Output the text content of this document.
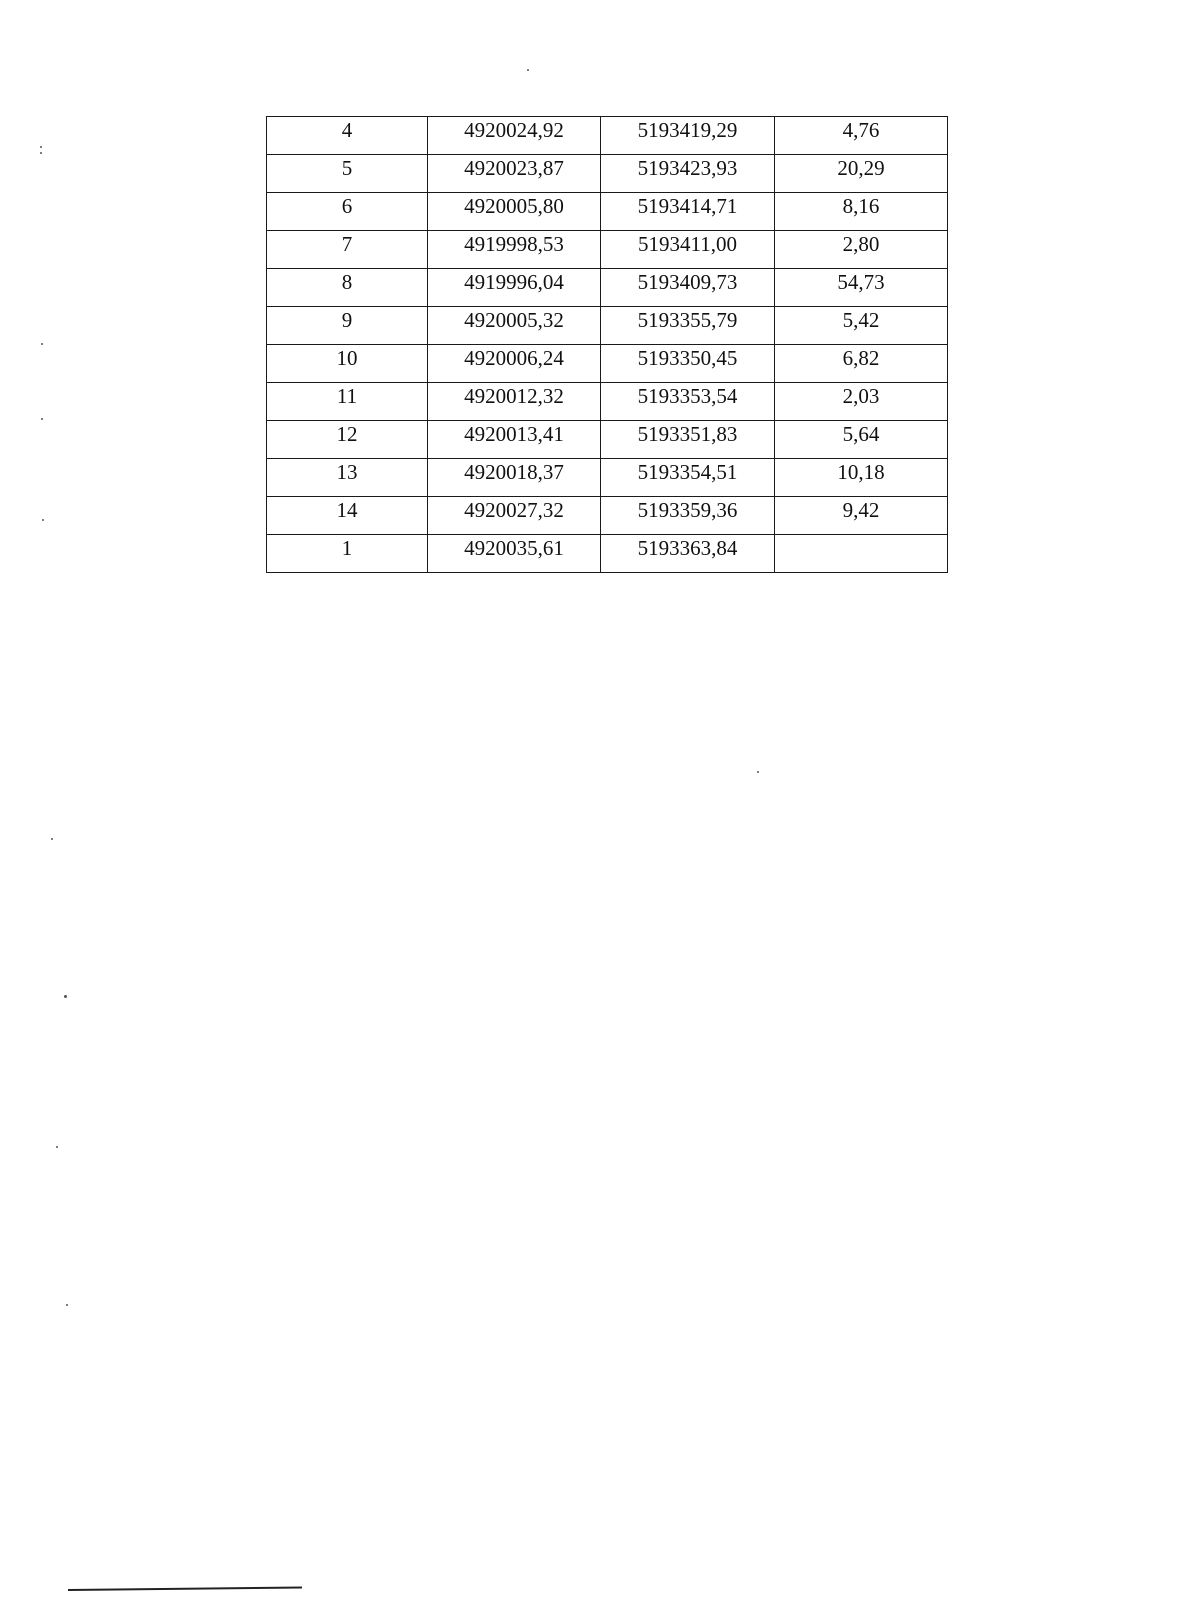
4	4920024,92	5193419,29	4,76

5	4920023,87	5193423,93	20,29

6	4920005,80	5193414,71	8,16

7	4919998,53	5193411,00	2,80

8	4919996,04	5193409,73	54,73

9	4920005,32	5193355,79	5,42

10	4920006,24	5193350,45	6,82

11	4920012,32	5193353,54	2,03

12	4920013,41	5193351,83	5,64

13	4920018,37	5193354,51	10,18

14	4920027,32	5193359,36	9,42

1	4920035,61	5193363,84	
